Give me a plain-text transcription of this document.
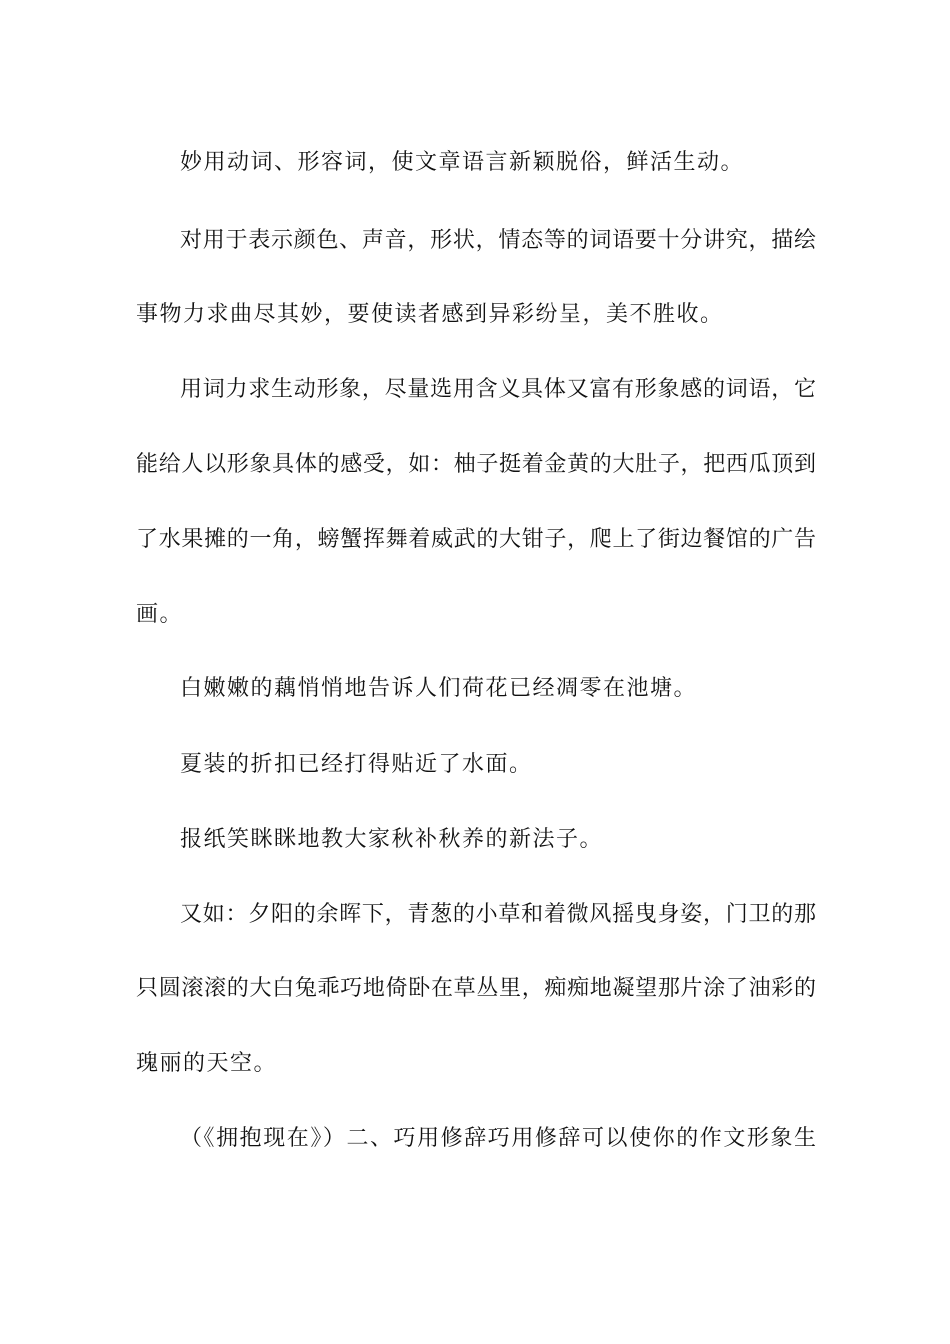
妙用动词、形容词，使文章语言新颖脱俗，鲜活生动。
对用于表示颜色、声音，形状，情态等的词语要十分讲究，描绘
事物力求曲尽其妙，要使读者感到异彩纷呈，美不胜收。
用词力求生动形象，尽量选用含义具体又富有形象感的词语，它
能给人以形象具体的感受，如：柚子挺着金黄的大肚子，把西瓜顶到
了水果摊的一角，螃蟹挥舞着威武的大钳子，爬上了街边餐馆的广告
画。
白嫩嫩的藕悄悄地告诉人们荷花已经凋零在池塘。
夏装的折扣已经打得贴近了水面。
报纸笑眯眯地教大家秋补秋养的新法子。
又如：夕阳的余晖下，青葱的小草和着微风摇曳身姿，门卫的那
只圆滚滚的大白兔乖巧地倚卧在草丛里，痴痴地凝望那片涂了油彩的
瑰丽的天空。
（《拥抱现在》）二、巧用修辞巧用修辞可以使你的作文形象生
